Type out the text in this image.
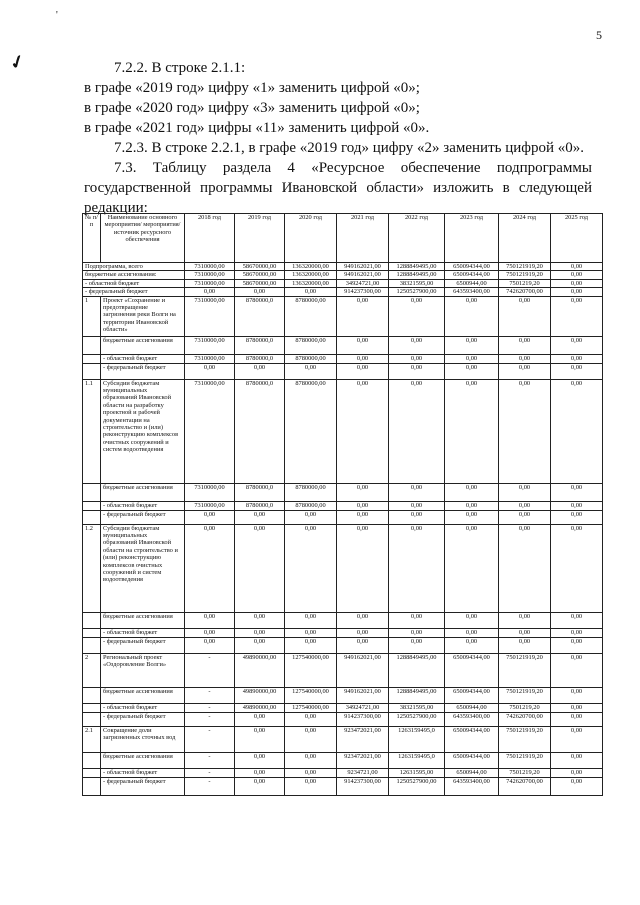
'
✓
5

7.2.2. В строке 2.1.1:

в графе «2019 год» цифру «1» заменить цифрой «0»;

в графе «2020 год» цифру «3» заменить цифрой «0»;

в графе «2021 год» цифры «11» заменить цифрой «0».

7.2.3. В строке 2.2.1, в графе «2019 год» цифру «2» заменить цифрой «0».

7.3. Таблицу раздела 4 «Ресурсное обеспечение подпрограммы государственной программы Ивановской области» изложить в следующей редакции:

№ п/п	Наименование основного мероприятия/ мероприятия/ источник ресурсного обеспечения	2018 год	2019 год	2020 год	2021 год	2022 год	2023 год	2024 год	2025 год
Подпрограмма, всего		7310000,00	58670000,00	136320000,00	949162021,00	1288849495,00	650094344,00	750121919,20	0,00
бюджетные ассигнования:		7310000,00	58670000,00	136320000,00	949162021,00	1288849495,00	650094344,00	750121919,20	0,00
- областной бюджет		7310000,00	58670000,00	136320000,00	34924721,00	38321595,00	6500944,00	7501219,20	0,00
- федеральный бюджет		0,00	0,00	0,00	914237300,00	1250527900,00	643593400,00	742620700,00	0,00
1	Проект «Сохранение и предотвращение загрязнения реки Волги на территории Ивановской области»	7310000,00	8780000,0	8780000,00	0,00	0,00	0,00	0,00	0,00
	бюджетные ассигнования	7310000,00	8780000,0	8780000,00	0,00	0,00	0,00	0,00	0,00
	- областной бюджет	7310000,00	8780000,0	8780000,00	0,00	0,00	0,00	0,00	0,00
	- федеральный бюджет	0,00	0,00	0,00	0,00	0,00	0,00	0,00	0,00
1.1	Субсидии бюджетам муниципальных образований Ивановской области на разработку проектной и рабочей документации на строительство и (или) реконструкцию комплексов очистных сооружений и систем водоотведения	7310000,00	8780000,0	8780000,00	0,00	0,00	0,00	0,00	0,00
	бюджетные ассигнования	7310000,00	8780000,0	8780000,00	0,00	0,00	0,00	0,00	0,00
	- областной бюджет	7310000,00	8780000,0	8780000,00	0,00	0,00	0,00	0,00	0,00
	- федеральный бюджет	0,00	0,00	0,00	0,00	0,00	0,00	0,00	0,00
1.2	Субсидии бюджетам муниципальных образований Ивановской области на строительство и (или) реконструкцию комплексов очистных сооружений и систем водоотведения	0,00	0,00	0,00	0,00	0,00	0,00	0,00	0,00
	бюджетные ассигнования	0,00	0,00	0,00	0,00	0,00	0,00	0,00	0,00
	- областной бюджет	0,00	0,00	0,00	0,00	0,00	0,00	0,00	0,00
	- федеральный бюджет	0,00	0,00	0,00	0,00	0,00	0,00	0,00	0,00
2	Региональный проект «Оздоровление Волги»	-	49890000,00	127540000,00	949162021,00	1288849495,00	650094344,00	750121919,20	0,00
	бюджетные ассигнования	-	49890000,00	127540000,00	949162021,00	1288849495,00	650094344,00	750121919,20	0,00
	- областной бюджет	-	49890000,00	127540000,00	34924721,00	38321595,00	6500944,00	7501219,20	0,00
	- федеральный бюджет	-	0,00	0,00	914237300,00	1250527900,00	643593400,00	742620700,00	0,00
2.1	Сокращение доли загрязненных сточных вод	-	0,00	0,00	923472021,00	1263159495,0	650094344,00	750121919,20	0,00
	бюджетные ассигнования	-	0,00	0,00	923472021,00	1263159495,0	650094344,00	750121919,20	0,00
	- областной бюджет	-	0,00	0,00	9234721,00	12631595,00	6500944,00	7501219,20	0,00
	- федеральный бюджет	-	0,00	0,00	914237300,00	1250527900,00	643593400,00	742620700,00	0,00
